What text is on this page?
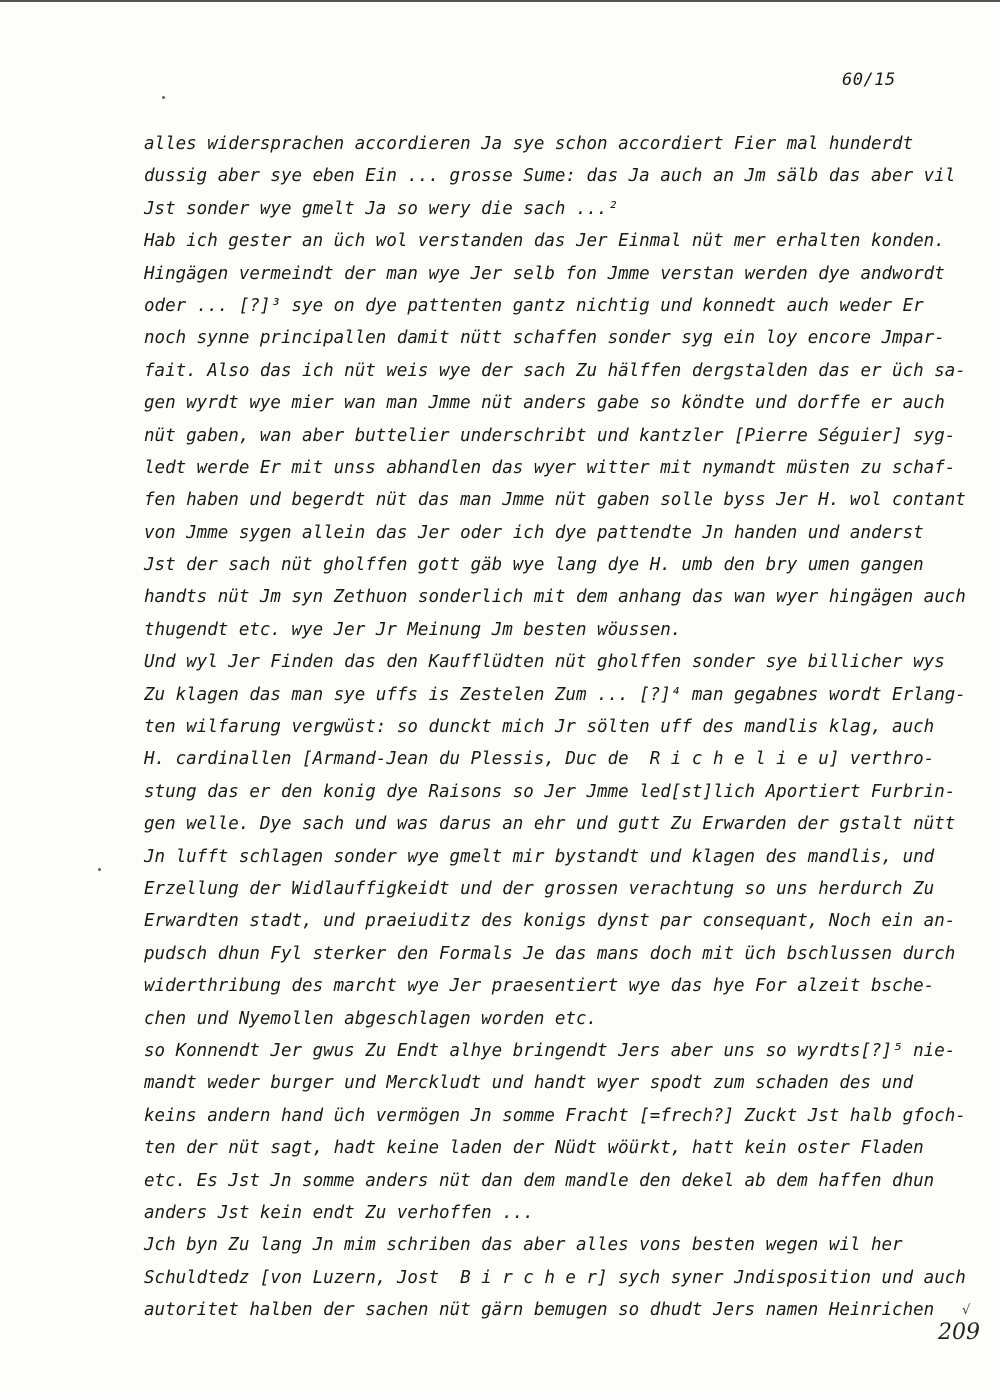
60/15
alles widersprachen accordieren Ja sye schon accordiert Fier mal hunderdt
dussig aber sye eben Ein ... grosse Sume: das Ja auch an Jm sälb das aber vil
Jst sonder wye gmelt Ja so wery die sach ...²
Hab ich gester an üch wol verstanden das Jer Einmal nüt mer erhalten konden.
Hingägen vermeindt der man wye Jer selb fon Jmme verstan werden dye andwordt
oder ... [?]³ sye on dye pattenten gantz nichtig und konnedt auch weder Er
noch synne principallen damit nütt schaffen sonder syg ein loy encore Jmpar-
fait. Also das ich nüt weis wye der sach Zu hälffen dergstalden das er üch sa-
gen wyrdt wye mier wan man Jmme nüt anders gabe so köndte und dorffe er auch
nüt gaben, wan aber buttelier underschribt und kantzler [Pierre Séguier] syg-
ledt werde Er mit unss abhandlen das wyer witter mit nymandt müsten zu schaf-
fen haben und begerdt nüt das man Jmme nüt gaben solle byss Jer H. wol contant
von Jmme sygen allein das Jer oder ich dye pattendte Jn handen und anderst
Jst der sach nüt gholffen gott gäb wye lang dye H. umb den bry umen gangen
handts nüt Jm syn Zethuon sonderlich mit dem anhang das wan wyer hingägen auch
thugendt etc. wye Jer Jr Meinung Jm besten wöussen.
Und wyl Jer Finden das den Kaufflüdten nüt gholffen sonder sye billicher wys
Zu klagen das man sye uffs is Zestelen Zum ... [?]⁴ man gegabnes wordt Erlang-
ten wilfarung vergwüst: so dunckt mich Jr sölten uff des mandlis klag, auch
H. cardinallen [Armand-Jean du Plessis, Duc de  R i c h e l i e u] verthro-
stung das er den konig dye Raisons so Jer Jmme led[st]lich Aportiert Furbrin-
gen welle. Dye sach und was darus an ehr und gutt Zu Erwarden der gstalt nütt
Jn lufft schlagen sonder wye gmelt mir bystandt und klagen des mandlis, und
Erzellung der Widlauffigkeidt und der grossen verachtung so uns herdurch Zu
Erwardten stadt, und praeiuditz des konigs dynst par consequant, Noch ein an-
pudsch dhun Fyl sterker den Formals Je das mans doch mit üch bschlussen durch
widerthribung des marcht wye Jer praesentiert wye das hye For alzeit bsche-
chen und Nyemollen abgeschlagen worden etc.
so Konnendt Jer gwus Zu Endt alhye bringendt Jers aber uns so wyrdts[?]⁵ nie-
mandt weder burger und Merckludt und handt wyer spodt zum schaden des und
keins andern hand üch vermögen Jn somme Fracht [=frech?] Zuckt Jst halb gfoch-
ten der nüt sagt, hadt keine laden der Nüdt wöürkt, hatt kein oster Fladen
etc. Es Jst Jn somme anders nüt dan dem mandle den dekel ab dem haffen dhun
anders Jst kein endt Zu verhoffen ...
Jch byn Zu lang Jn mim schriben das aber alles vons besten wegen wil her
Schuldtedz [von Luzern, Jost  B i r c h e r] sych syner Jndisposition und auch
autoritet halben der sachen nüt gärn bemugen so dhudt Jers namen Heinrichen √
209
